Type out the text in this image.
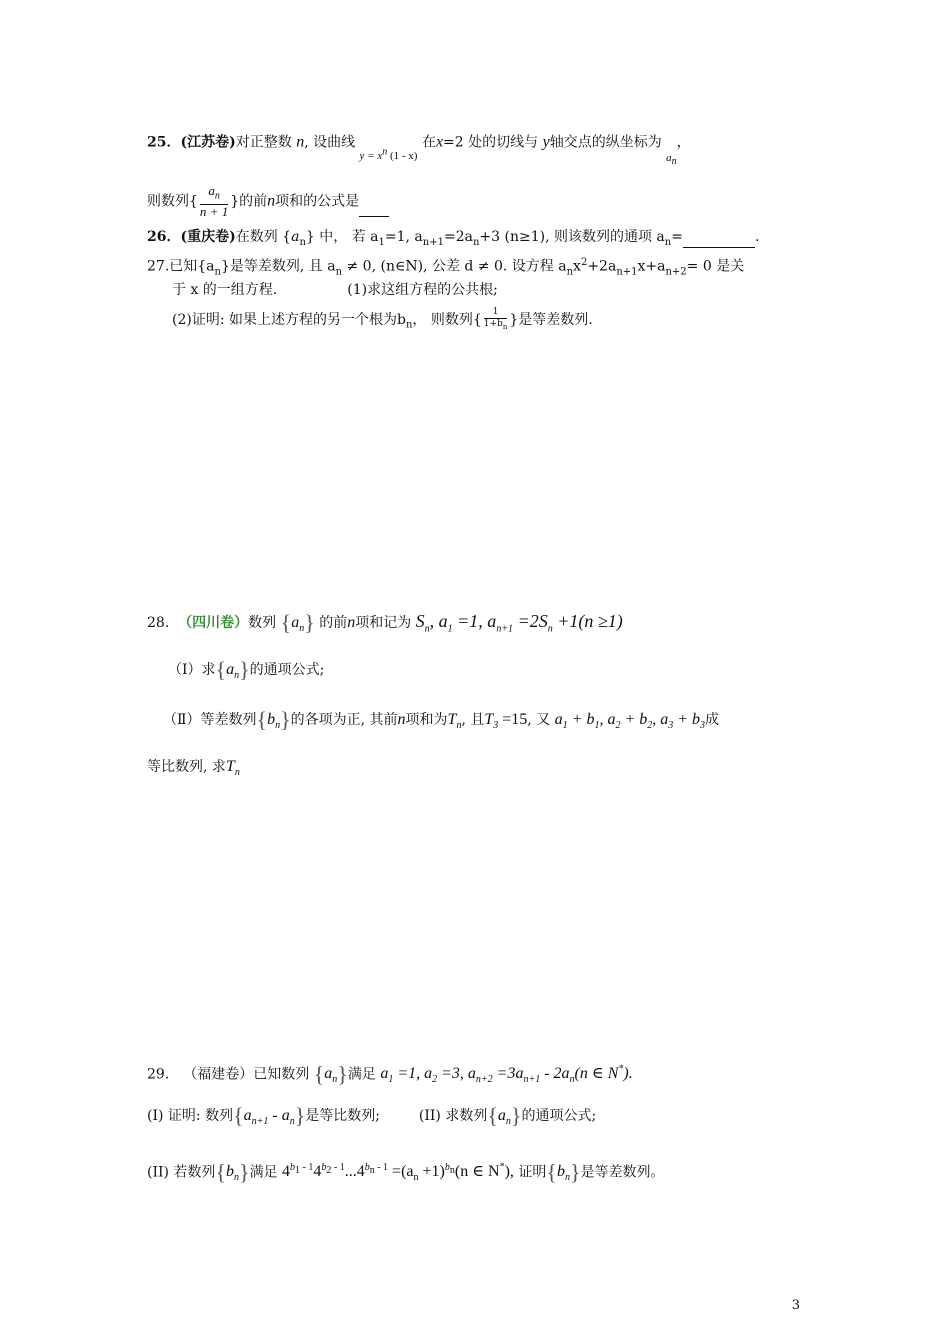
25．(江苏卷)对正整数 n, 设曲线 $_{y = x^n (1 - x)}$ 在x=2 处的切线与 y轴交点的纵坐标为 $_{a_n}$，
则数列{ $\frac{a_n}{n + 1}$ }的前n项和的公式是
26．(重庆卷)在数列 $\{a_n\}$ 中， 若 $a_1=1$, $a_{n+1}=2a_n+3$ (n≥1), 则该数列的通项 $a_n=$	.
27.已知$\{a_n\}$是等差数列, 且 $a_n \ne 0$, (n∈N), 公差 d ≠ 0. 设方程 $a_nx^2+2a_{n+1}x+a_{n+2}= 0$ 是关
于 x 的一组方程.	(1)求这组方程的公共根;
(2)证明: 如果上述方程的另一个根为$b_n$， 则数列{ $\frac{1}{1+b_n}$ }是等差数列.
28. （四川卷）数列 $\{a_n\}$ 的前n项和记为 $S_n$, $a_1 =1$, $a_{n+1} =2S_n +1(n \ge 1)$
（Ⅰ）求$\{a_n\}$的通项公式;
（Ⅱ）等差数列$\{b_n\}$的各项为正, 其前n项和为$T_n$, 且$T_3 =15$, 又 $a_1 + b_1$, $a_2 + b_2$, $a_3 + b_3$成
等比数列, 求$T_n$
29． （福建卷）已知数列 $\{a_n\}$满足 $a_1 =1$, $a_2 =3$, $a_{n+2} =3a_{n+1} - 2a_n(n$ ∈ N*).
(I) 证明: 数列$\{a_{n+1} - a_n\}$是等比数列;	(II) 求数列$\{a_n\}$的通项公式;
(II) 若数列$\{b_n\}$满足 $4^{b_1 - 1}4^{b_2 - 1}...4^{b_n - 1} =(a_n +1)^{b_n}(n$ ∈ N*), 证明$\{b_n\}$是等差数列。
3
